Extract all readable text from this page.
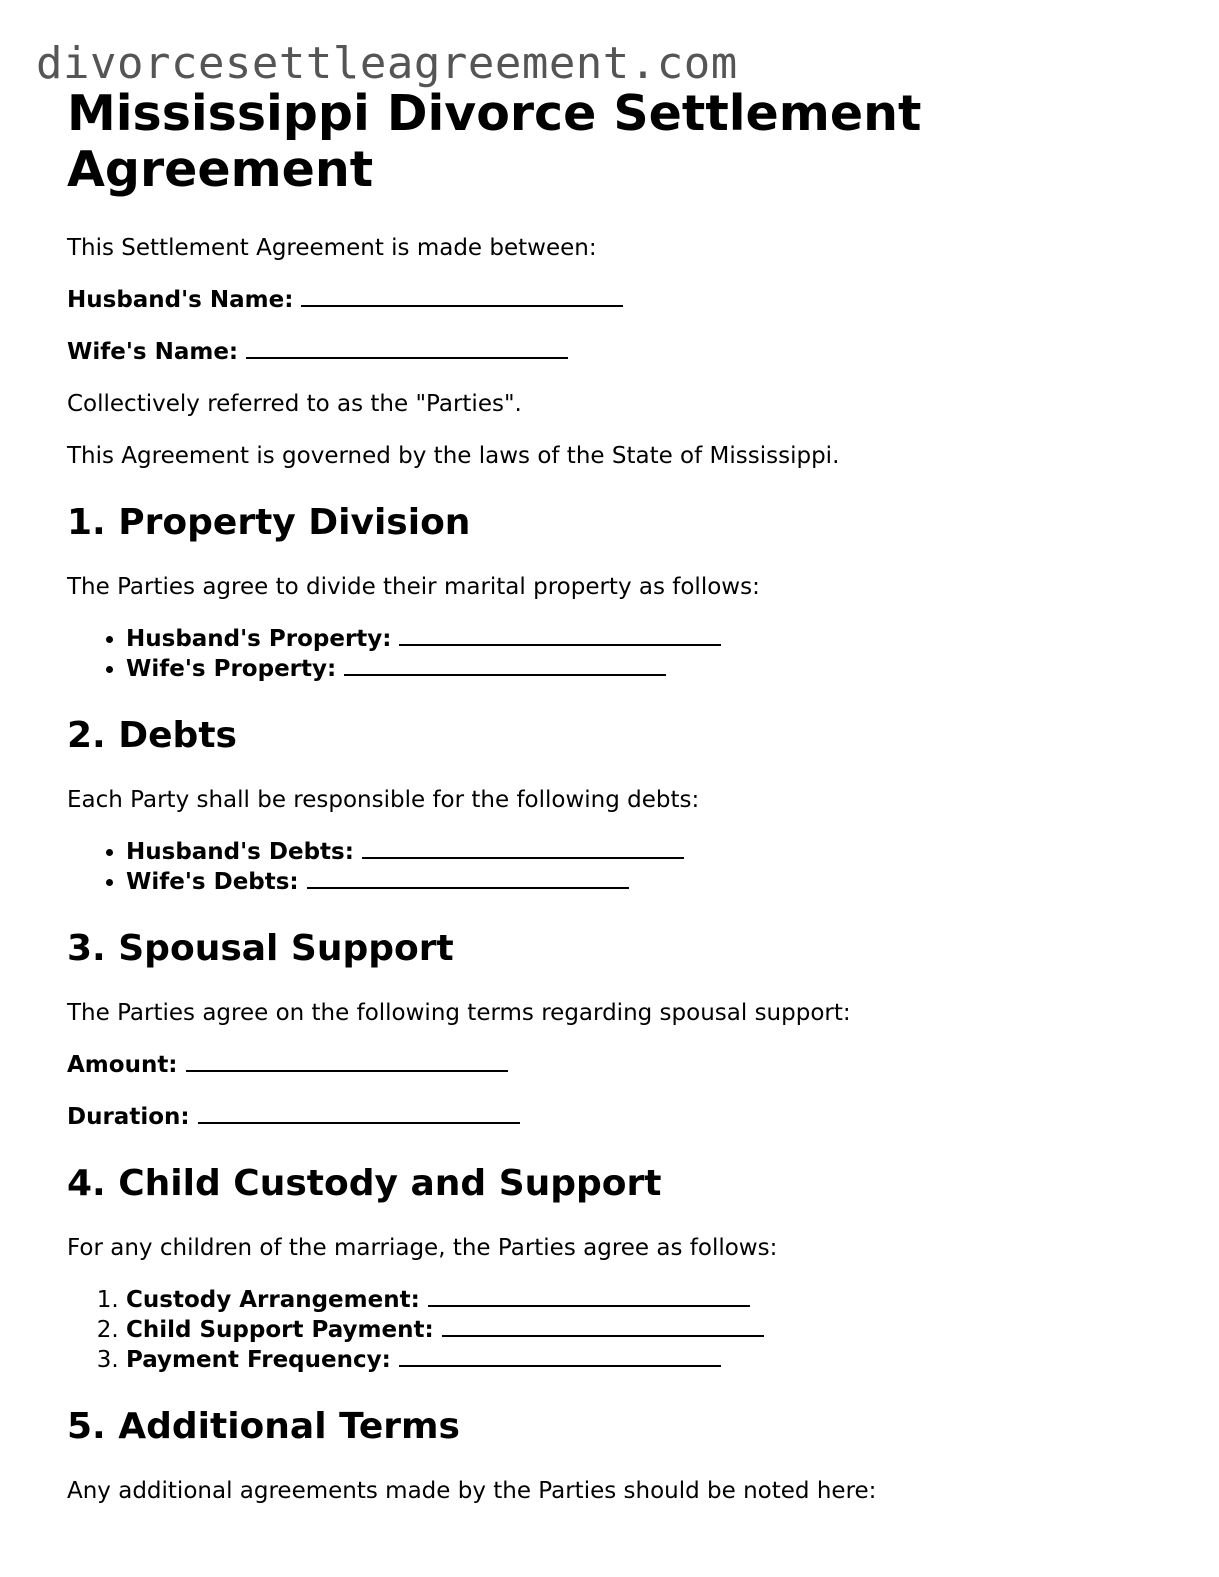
divorcesettleagreement.com
Mississippi Divorce Settlement Agreement

This Settlement Agreement is made between:

Husband's Name:

Wife's Name:

Collectively referred to as the "Parties".

This Agreement is governed by the laws of the State of Mississippi.

1. Property Division

The Parties agree to divide their marital property as follows:

• Husband's Property:
• Wife's Property:
2. Debts

Each Party shall be responsible for the following debts:

• Husband's Debts:
• Wife's Debts:
3. Spousal Support

The Parties agree on the following terms regarding spousal support:

Amount:

Duration:

4. Child Custody and Support

For any children of the marriage, the Parties agree as follows:

1. Custody Arrangement:
2. Child Support Payment:
3. Payment Frequency:
5. Additional Terms

Any additional agreements made by the Parties should be noted here:
